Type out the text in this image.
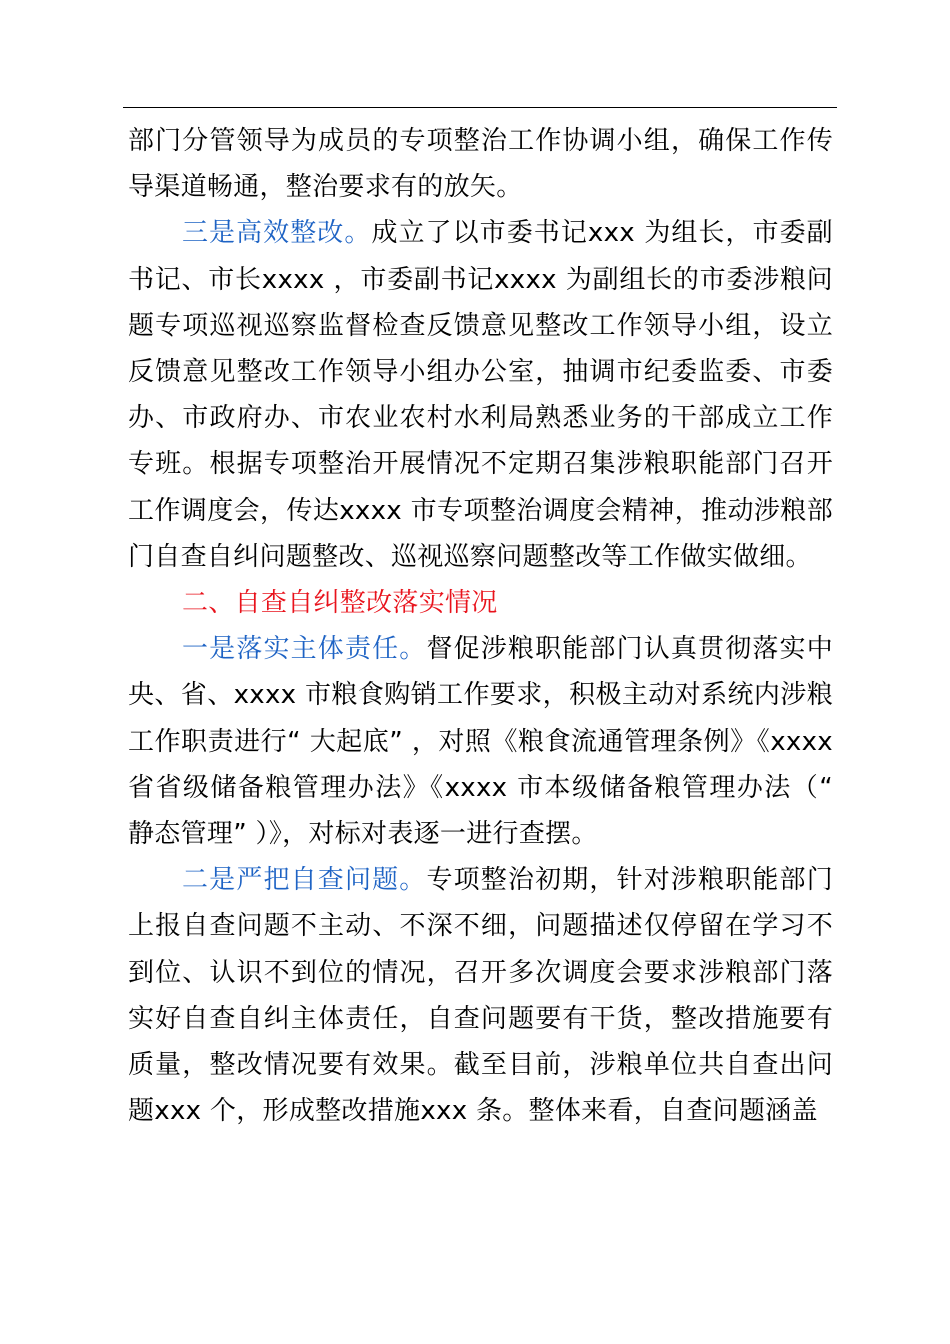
部门分管领导为成员的专项整治工作协调小组，确保工作传导渠道畅通，整治要求有的放矢。

三是高效整改。成立了以市委书记xxx 为组长，市委副书记、市长xxxx ，市委副书记xxxx 为副组长的市委涉粮问题专项巡视巡察监督检查反馈意见整改工作领导小组，设立反馈意见整改工作领导小组办公室，抽调市纪委监委、市委办、市政府办、市农业农村水利局熟悉业务的干部成立工作专班。根据专项整治开展情况不定期召集涉粮职能部门召开工作调度会，传达xxxx 市专项整治调度会精神，推动涉粮部门自查自纠问题整改、巡视巡察问题整改等工作做实做细。

二、自查自纠整改落实情况

一是落实主体责任。督促涉粮职能部门认真贯彻落实中央、省、xxxx 市粮食购销工作要求，积极主动对系统内涉粮工作职责进行“ 大起底” ，对照《粮食流通管理条例》《xxxx 省省级储备粮管理办法》《xxxx 市本级储备粮管理办法（“ 静态管理” ）》，对标对表逐一进行查摆。

二是严把自查问题。专项整治初期，针对涉粮职能部门上报自查问题不主动、不深不细，问题描述仅停留在学习不到位、认识不到位的情况，召开多次调度会要求涉粮部门落实好自查自纠主体责任，自查问题要有干货，整改措施要有质量，整改情况要有效果。截至目前，涉粮单位共自查出问题xxx 个，形成整改措施xxx 条。整体来看，自查问题涵盖
